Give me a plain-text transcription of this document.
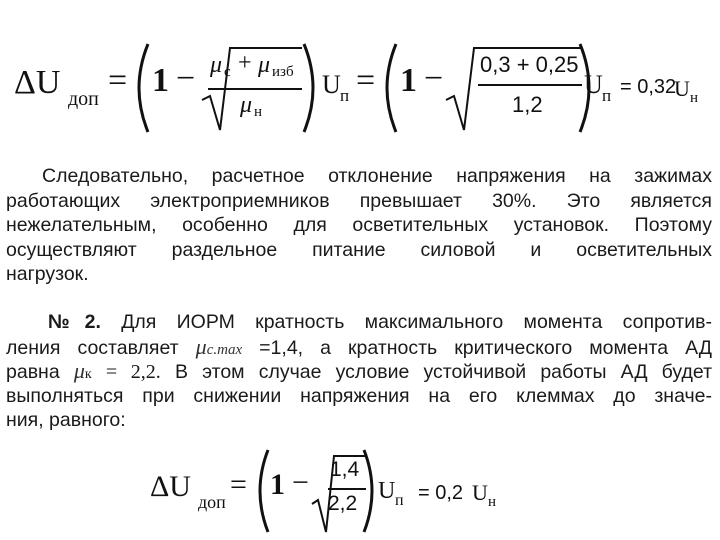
ΔU доп = 1 − μ с + μ изб
μ н
U п = 1 − 0,3 + 0,25
1,2
U п = 0,32
U н
Следовательно, расчетное отклонение напряжения на зажимах
работающих электроприемников превышает 30%. Это является
нежелательным, особенно для осветительных установок. Поэтому
осуществляют раздельное питание силовой и осветительных
нагрузок.
№2. Для ИОРМ кратность максимального момента сопротив-
ления составляет μc.max =1,4, а кратность критического момента АД
равна μк = 2,2. В этом случае условие устойчивой работы АД будет
выполняться при снижении напряжения на его клеммах до значе-
ния, равного:
ΔU доп
= 1 − 1,4
2,2 U п = 0,2 U н
